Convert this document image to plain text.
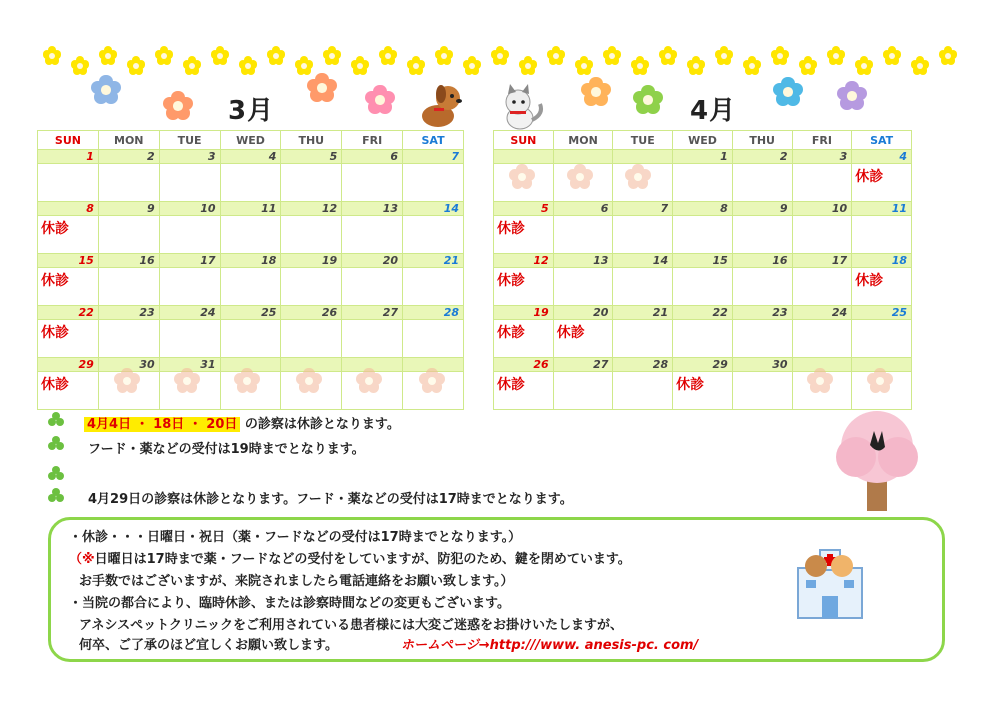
3月	4月
SUN	MON	TUE	WED	THU	FRI	SAT
1	2	3	4	5	6	7

8	9	10	11	12	13	14
休診						
15	16	17	18	19	20	21
休診						
22	23	24	25	26	27	28
休診						
29	30	31				
休診						
SUN	MON	TUE	WED	THU	FRI	SAT
			1	2	3	4
						休診
5	6	7	8	9	10	11
休診						
12	13	14	15	16	17	18
休診						休診
19	20	21	22	23	24	25
休診	休診					
26	27	28	29	30		
休診			休診			
4月4日 ・ 18日 ・ 20日 の診察は休診となります。
フード・薬などの受付は19時までとなります。
4月29日の診察は休診となります。フード・薬などの受付は17時までとなります。
・休診・・・日曜日・祝日（薬・フードなどの受付は17時までとなります。）
（※日曜日は17時まで薬・フードなどの受付をしていますが、防犯のため、鍵を閉めています。
お手数ではございますが、来院されましたら電話連絡をお願い致します。）
・当院の都合により、臨時休診、または診察時間などの変更もございます。
アネシスペットクリニックをご利用されている患者様には大変ご迷惑をお掛けいたしますが、
何卒、ご了承のほど宜しくお願い致します。	ホームページ→http:///www. anesis-pc. com/
